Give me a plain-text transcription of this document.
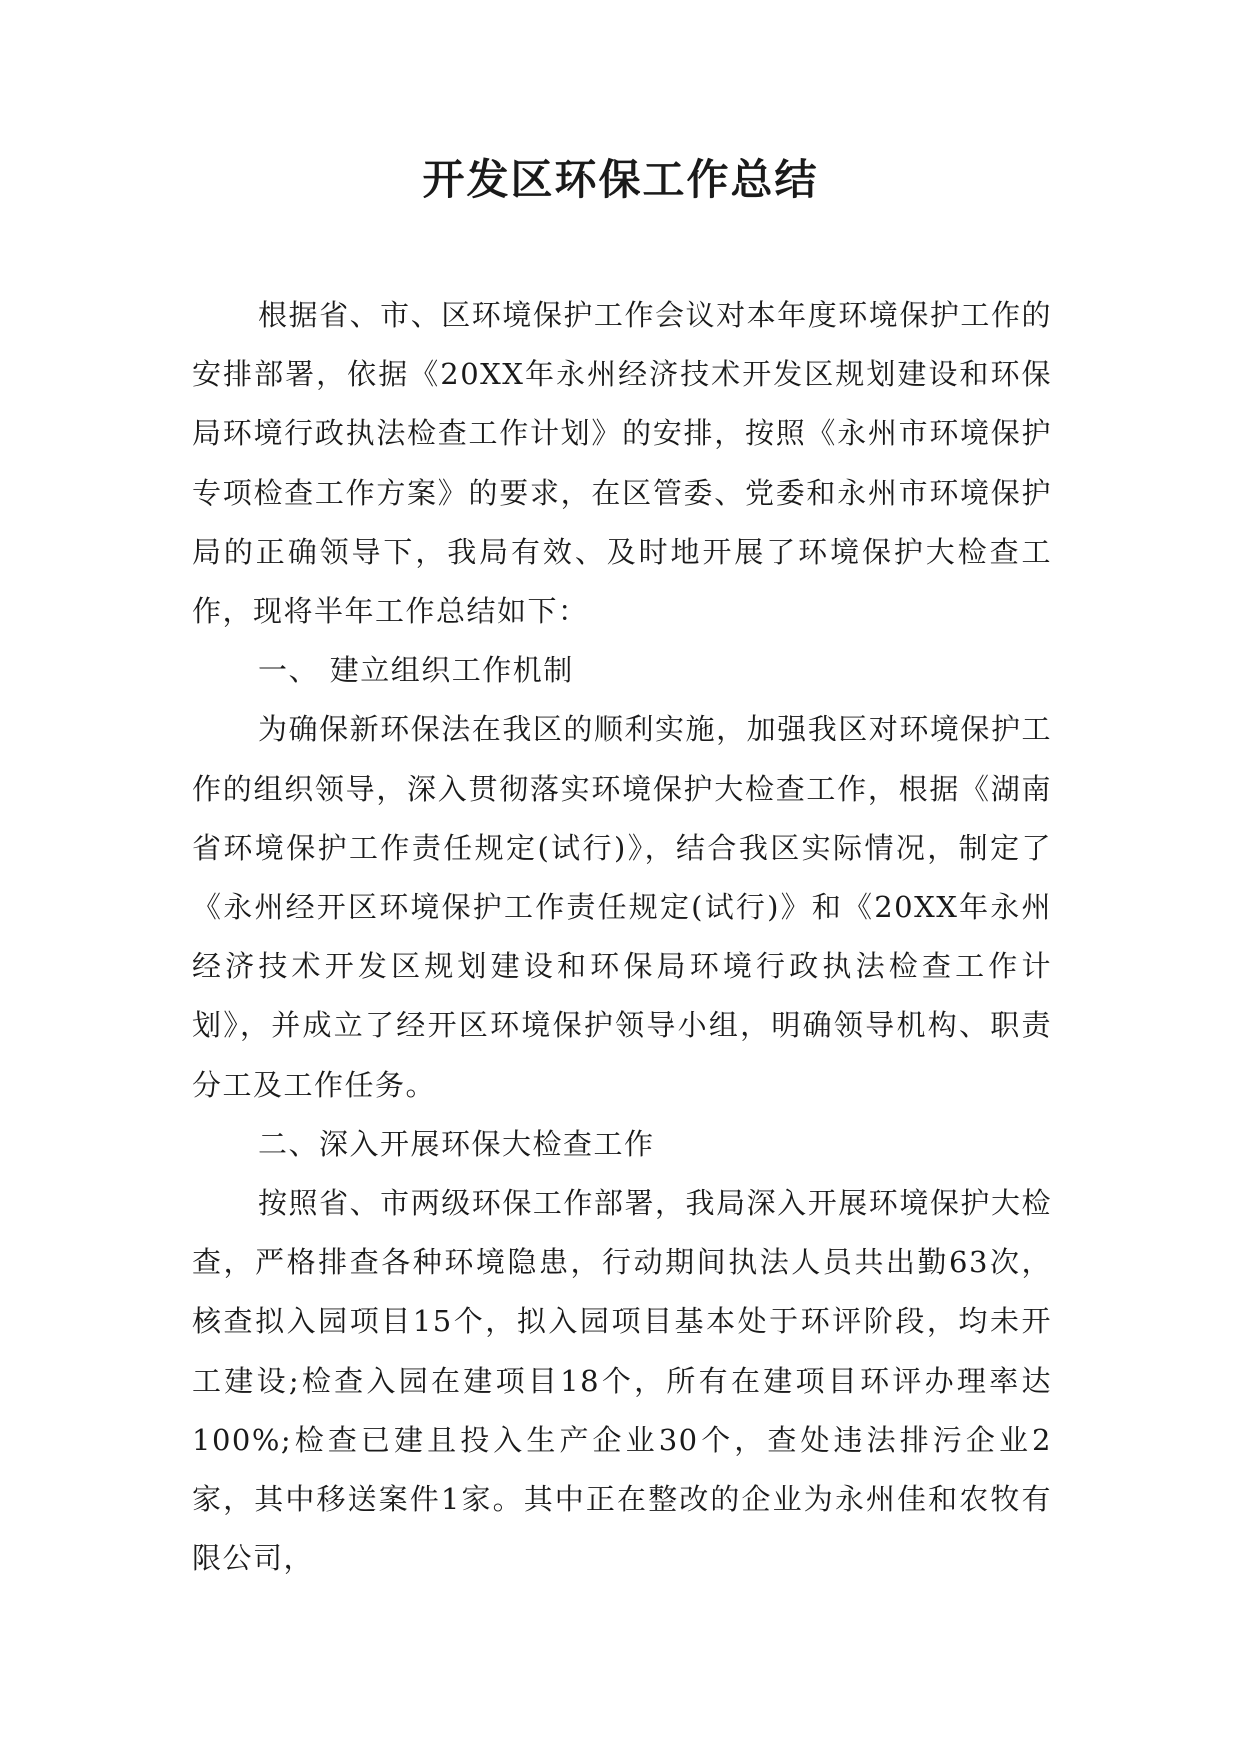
开发区环保工作总结

根据省、市、区环境保护工作会议对本年度环境保护工作的安排部署，依据《20XX年永州经济技术开发区规划建设和环保局环境行政执法检查工作计划》的安排，按照《永州市环境保护专项检查工作方案》的要求，在区管委、党委和永州市环境保护局的正确领导下，我局有效、及时地开展了环境保护大检查工作，现将半年工作总结如下：

一、 建立组织工作机制

为确保新环保法在我区的顺利实施，加强我区对环境保护工作的组织领导，深入贯彻落实环境保护大检查工作，根据《湖南省环境保护工作责任规定(试行)》，结合我区实际情况，制定了《永州经开区环境保护工作责任规定(试行)》和《20XX年永州经济技术开发区规划建设和环保局环境行政执法检查工作计划》，并成立了经开区环境保护领导小组，明确领导机构、职责分工及工作任务。

二、深入开展环保大检查工作

按照省、市两级环保工作部署，我局深入开展环境保护大检查，严格排查各种环境隐患，行动期间执法人员共出勤63次，核查拟入园项目15个，拟入园项目基本处于环评阶段，均未开工建设;检查入园在建项目18个，所有在建项目环评办理率达100%;检查已建且投入生产企业30个，查处违法排污企业2家，其中移送案件1家。其中正在整改的企业为永州佳和农牧有限公司，
